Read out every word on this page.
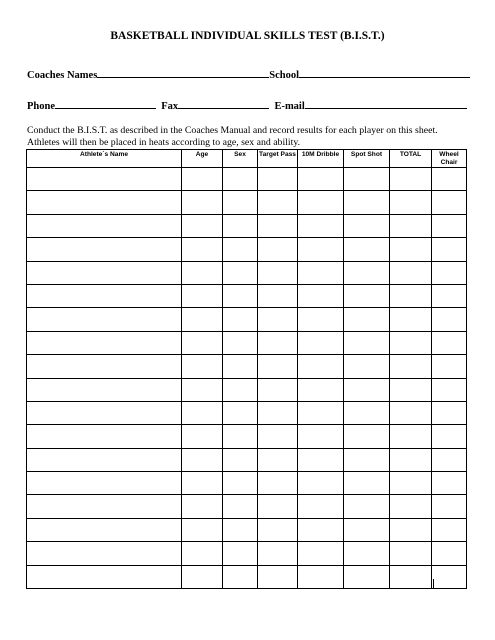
BASKETBALL INDIVIDUAL SKILLS TEST (B.I.S.T.)
Coaches Names	School
Phone	Fax	E-mail
Conduct the B.I.S.T. as described in the Coaches Manual and record results for each player on this sheet.
Athletes will then be placed in heats according to age, sex and ability.
Athlete`s Name	Age	Sex	Target Pass	10M Dribble	Spot Shot	TOTAL	Wheel Chair
